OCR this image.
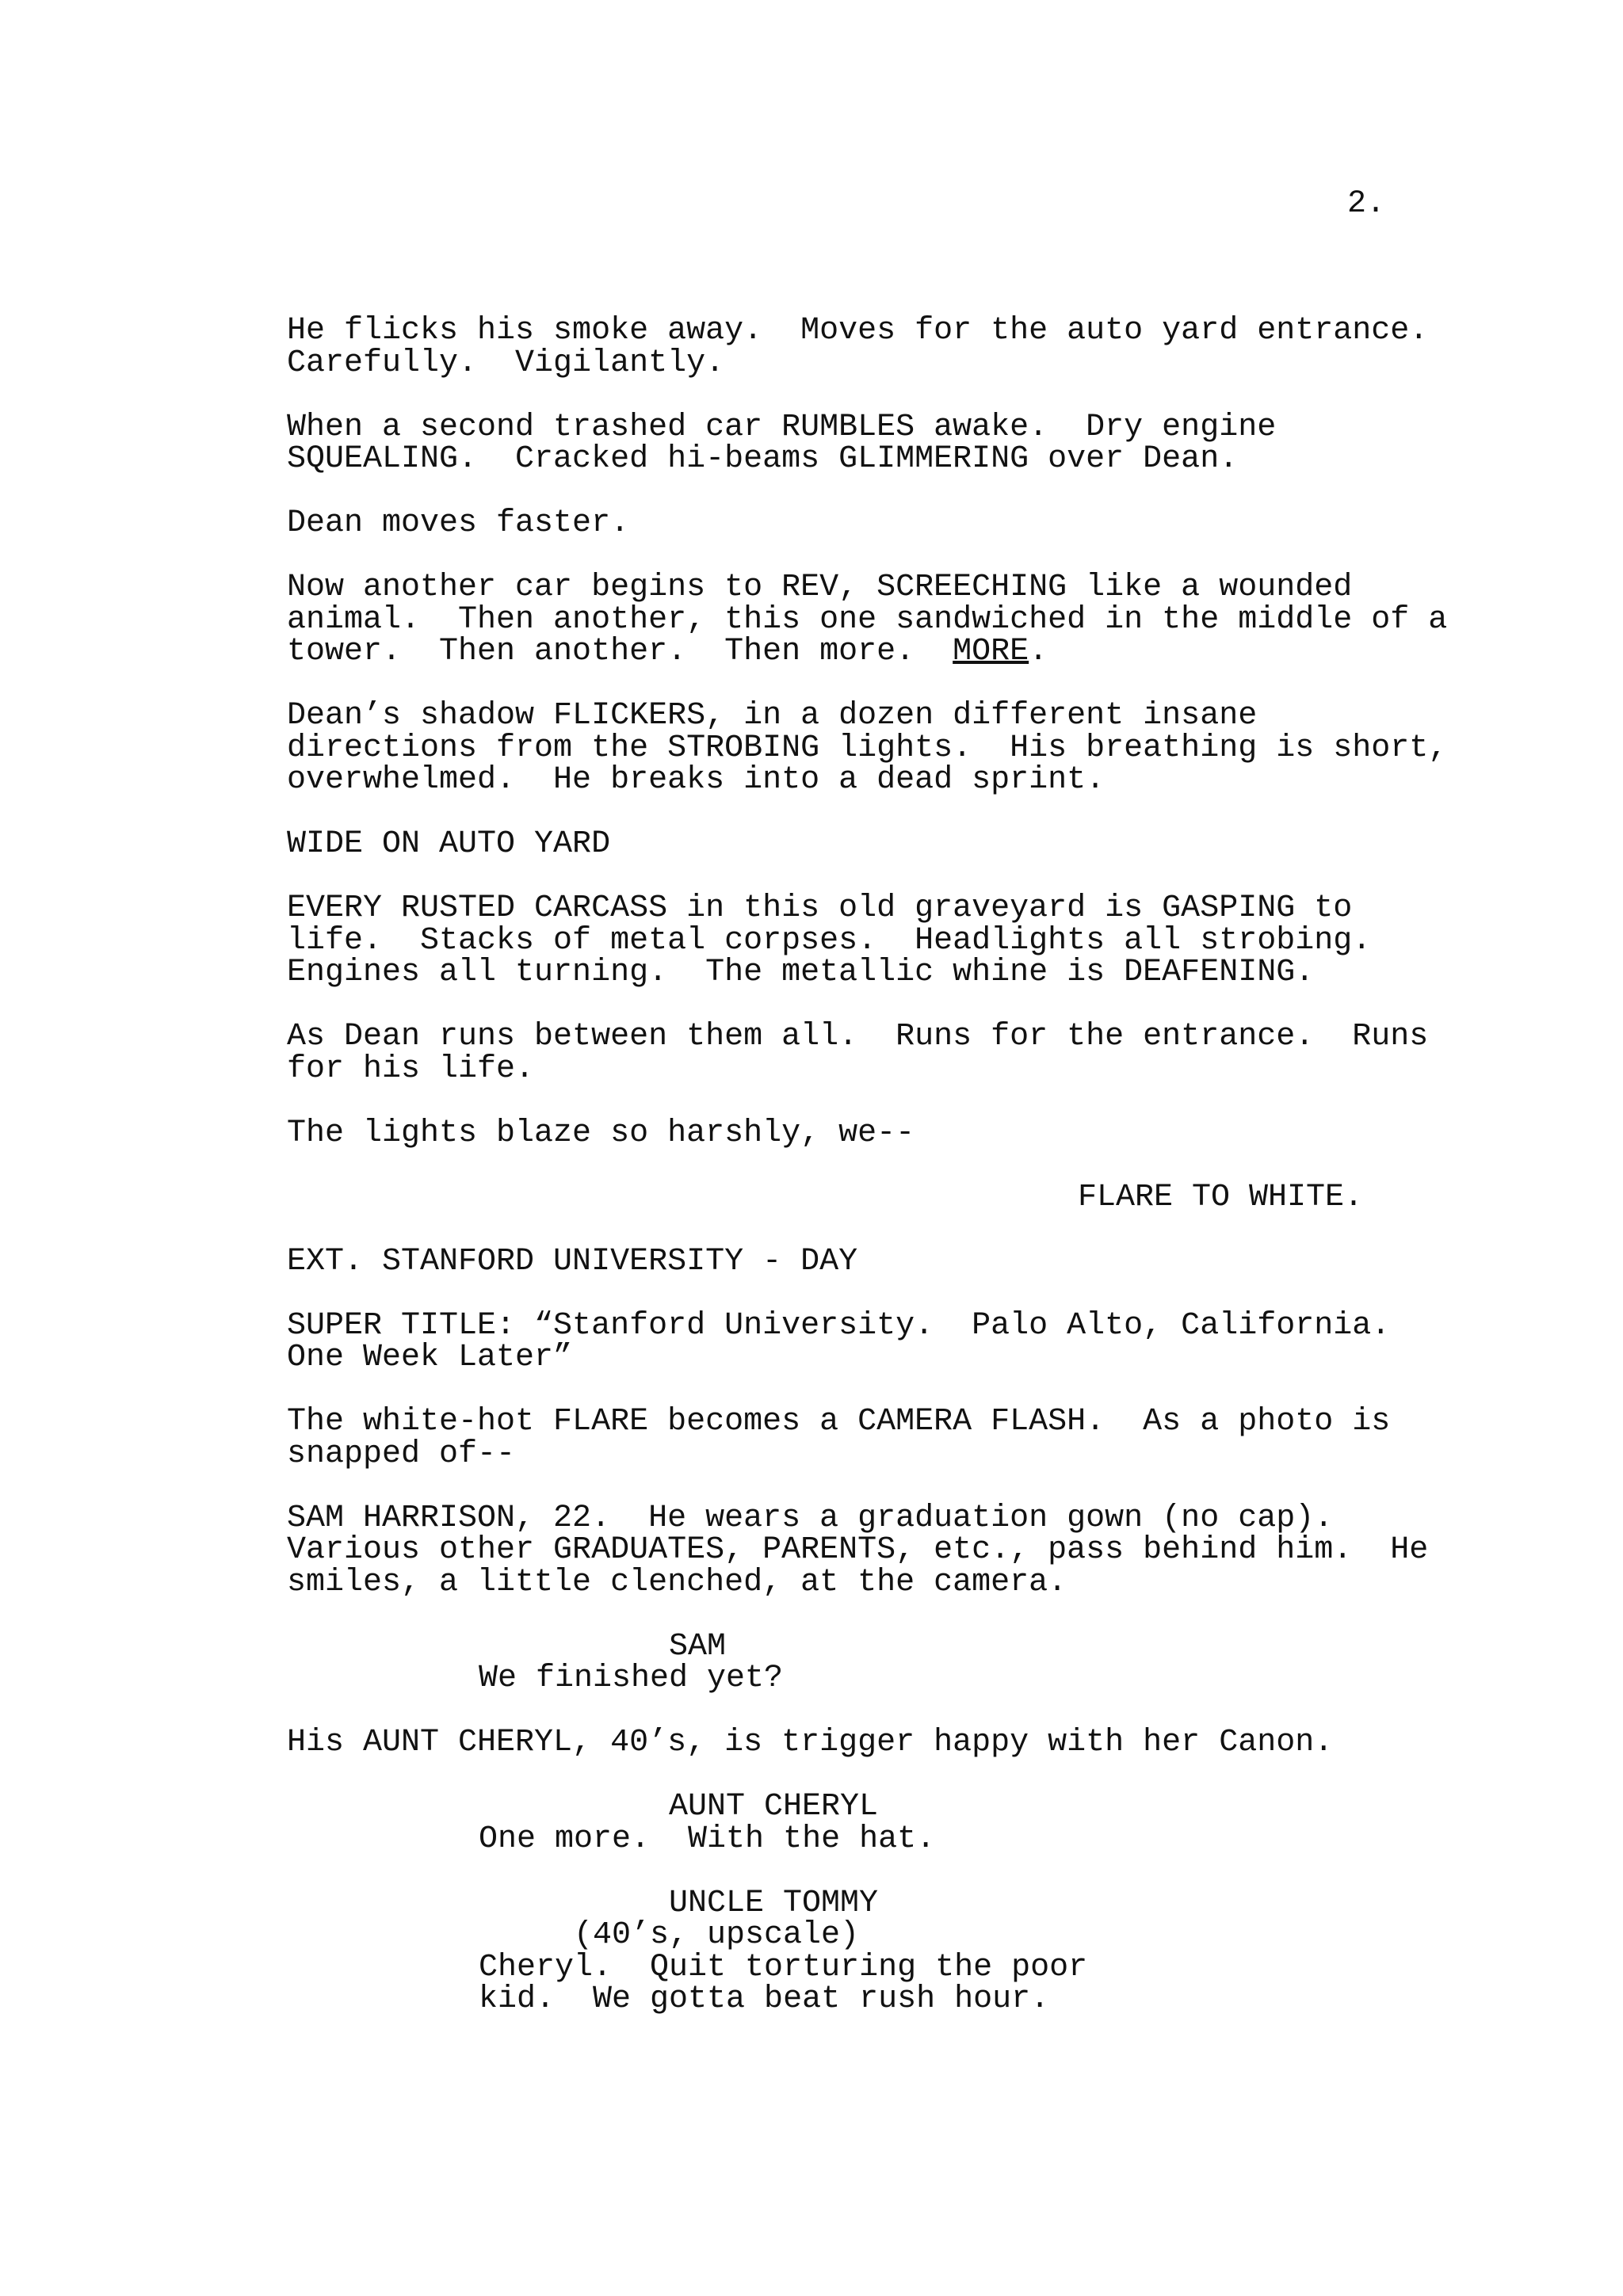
2.
He flicks his smoke away.  Moves for the auto yard entrance.
Carefully.  Vigilantly.
When a second trashed car RUMBLES awake.  Dry engine
SQUEALING.  Cracked hi-beams GLIMMERING over Dean.
Dean moves faster.
Now another car begins to REV, SCREECHING like a wounded
animal.  Then another, this one sandwiched in the middle of a
tower.  Then another.  Then more.  MORE.
Dean’s shadow FLICKERS, in a dozen different insane
directions from the STROBING lights.  His breathing is short,
overwhelmed.  He breaks into a dead sprint.
WIDE ON AUTO YARD
EVERY RUSTED CARCASS in this old graveyard is GASPING to
life.  Stacks of metal corpses.  Headlights all strobing.
Engines all turning.  The metallic whine is DEAFENING.
As Dean runs between them all.  Runs for the entrance.  Runs
for his life.
The lights blaze so harshly, we--
FLARE TO WHITE.
EXT. STANFORD UNIVERSITY - DAY
SUPER TITLE: “Stanford University.  Palo Alto, California.
One Week Later”
The white-hot FLARE becomes a CAMERA FLASH.  As a photo is
snapped of--
SAM HARRISON, 22.  He wears a graduation gown (no cap).
Various other GRADUATES, PARENTS, etc., pass behind him.  He
smiles, a little clenched, at the camera.
SAM
We finished yet?
His AUNT CHERYL, 40’s, is trigger happy with her Canon.
AUNT CHERYL
One more.  With the hat.
UNCLE TOMMY
(40’s, upscale)
Cheryl.  Quit torturing the poor
kid.  We gotta beat rush hour.
